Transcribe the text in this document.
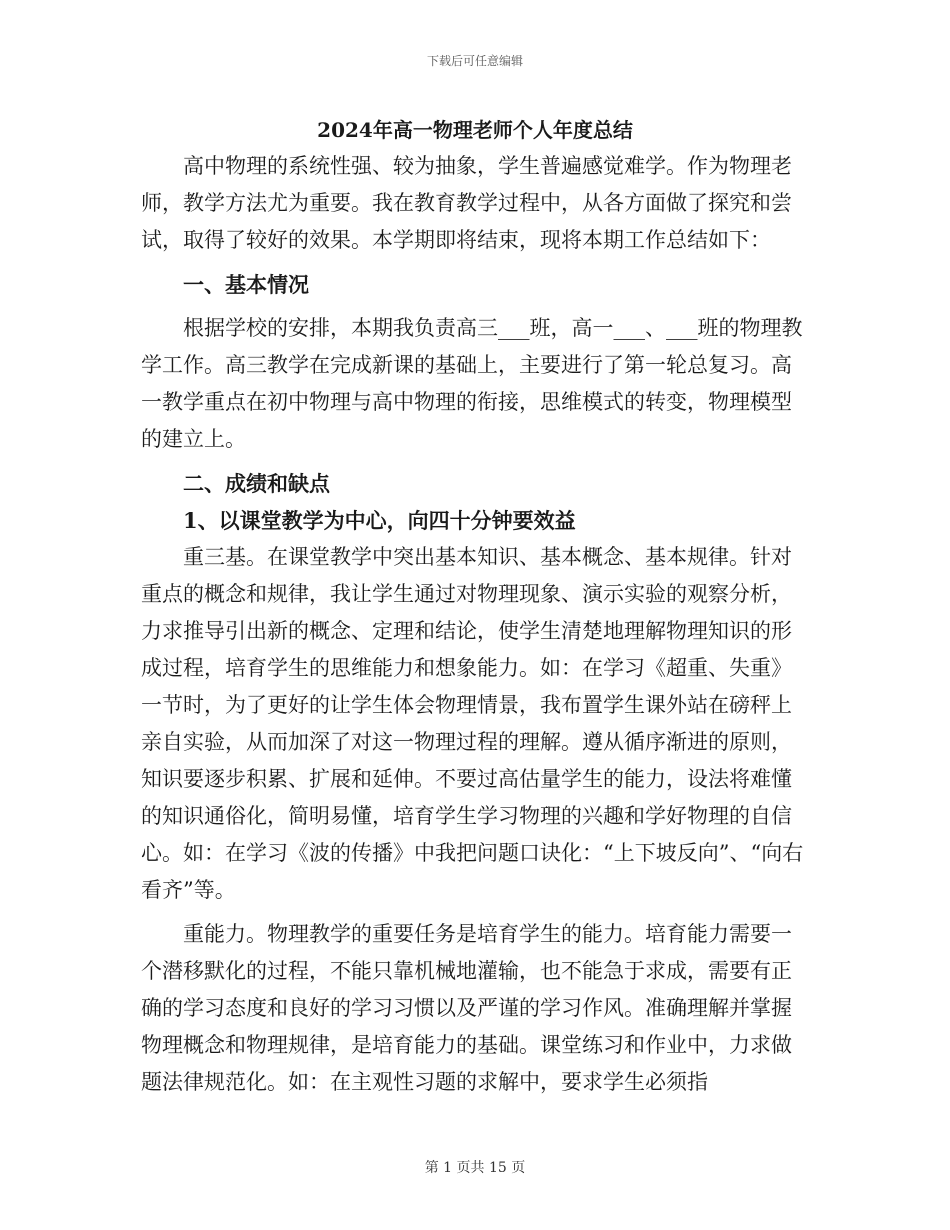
下载后可任意编辑
2024年高一物理老师个人年度总结

高中物理的系统性强、较为抽象，学生普遍感觉难学。作为物理老师，教学方法尤为重要。我在教育教学过程中，从各方面做了探究和尝试，取得了较好的效果。本学期即将结束，现将本期工作总结如下：

一、基本情况

根据学校的安排，本期我负责高三___班，高一___、___班的物理教学工作。高三教学在完成新课的基础上，主要进行了第一轮总复习。高一教学重点在初中物理与高中物理的衔接，思维模式的转变，物理模型的建立上。

二、成绩和缺点

1、以课堂教学为中心，向四十分钟要效益

重三基。在课堂教学中突出基本知识、基本概念、基本规律。针对重点的概念和规律，我让学生通过对物理现象、演示实验的观察分析，力求推导引出新的概念、定理和结论，使学生清楚地理解物理知识的形成过程，培育学生的思维能力和想象能力。如：在学习《超重、失重》一节时，为了更好的让学生体会物理情景，我布置学生课外站在磅秤上亲自实验，从而加深了对这一物理过程的理解。遵从循序渐进的原则，知识要逐步积累、扩展和延伸。不要过高估量学生的能力，设法将难懂的知识通俗化，简明易懂，培育学生学习物理的兴趣和学好物理的自信心。如：在学习《波的传播》中我把问题口诀化：“上下坡反向”、“向右看齐”等。

重能力。物理教学的重要任务是培育学生的能力。培育能力需要一个潜移默化的过程，不能只靠机械地灌输，也不能急于求成，需要有正确的学习态度和良好的学习习惯以及严谨的学习作风。准确理解并掌握物理概念和物理规律，是培育能力的基础。课堂练习和作业中，力求做题法律规范化。如：在主观性习题的求解中，要求学生必须指

第 1 页共 15 页
